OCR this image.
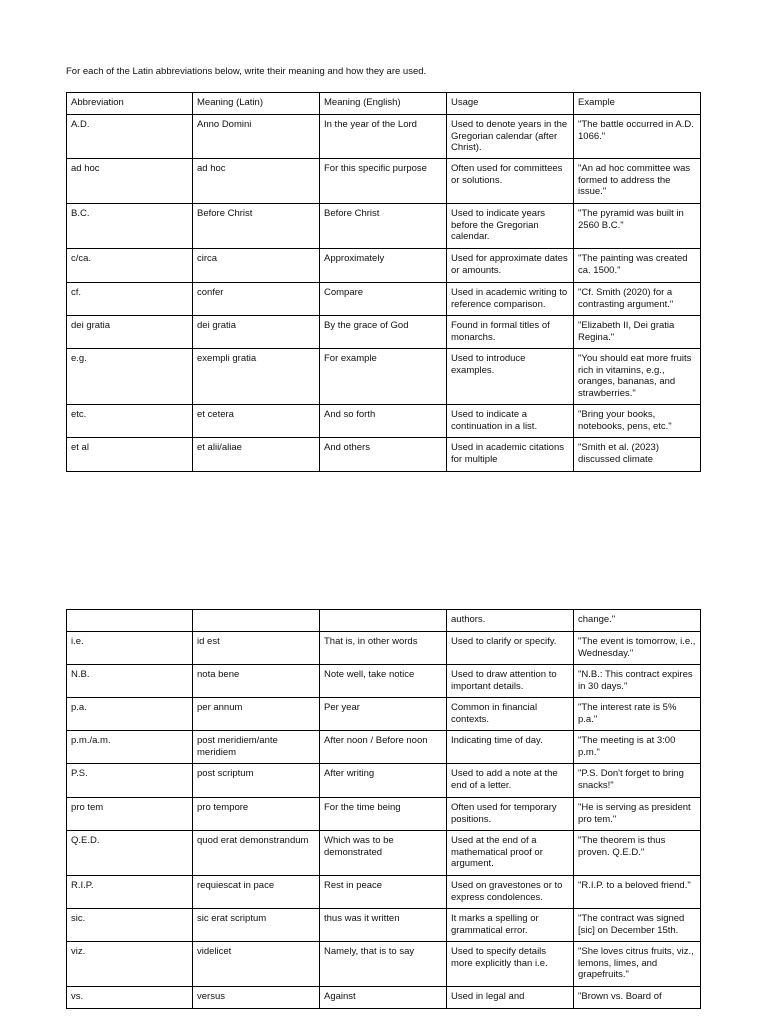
For each of the Latin abbreviations below, write their meaning and how they are used.

Abbreviation	Meaning (Latin)	Meaning (English)	Usage	Example
A.D.	Anno Domini	In the year of the Lord	Used to denote years in the Gregorian calendar (after Christ).	"The battle occurred in A.D. 1066."
ad hoc	ad hoc	For this specific purpose	Often used for committees or solutions.	"An ad hoc committee was formed to address the issue."
B.C.	Before Christ	Before Christ	Used to indicate years before the Gregorian calendar.	"The pyramid was built in 2560 B.C."
c/ca.	circa	Approximately	Used for approximate dates or amounts.	"The painting was created ca. 1500."
cf.	confer	Compare	Used in academic writing to reference comparison.	"Cf. Smith (2020) for a contrasting argument."
dei gratia	dei gratia	By the grace of God	Found in formal titles of monarchs.	"Elizabeth II, Dei gratia Regina."
e.g.	exempli gratia	For example	Used to introduce examples.	"You should eat more fruits rich in vitamins, e.g., oranges, bananas, and strawberries."
etc.	et cetera	And so forth	Used to indicate a continuation in a list.	"Bring your books, notebooks, pens, etc."
et al	et alii/aliae	And others	Used in academic citations for multiple	"Smith et al. (2023) discussed climate
			authors.	change."
i.e.	id est	That is, in other words	Used to clarify or specify.	"The event is tomorrow, i.e., Wednesday."
N.B.	nota bene	Note well, take notice	Used to draw attention to important details.	"N.B.: This contract expires in 30 days."
p.a.	per annum	Per year	Common in financial contexts.	"The interest rate is 5% p.a."
p.m./a.m.	post meridiem/ante meridiem	After noon / Before noon	Indicating time of day.	"The meeting is at 3:00 p.m."
P.S.	post scriptum	After writing	Used to add a note at the end of a letter.	"P.S. Don't forget to bring snacks!"
pro tem	pro tempore	For the time being	Often used for temporary positions.	"He is serving as president pro tem."
Q.E.D.	quod erat demonstrandum	Which was to be demonstrated	Used at the end of a mathematical proof or argument.	"The theorem is thus proven. Q.E.D."
R.I.P.	requiescat in pace	Rest in peace	Used on gravestones or to express condolences.	"R.I.P. to a beloved friend."
sic.	sic erat scriptum	thus was it written	It marks a spelling or grammatical error.	"The contract was signed [sic] on December 15th.
viz.	videlicet	Namely, that is to say	Used to specify details more explicitly than i.e.	"She loves citrus fruits, viz., lemons, limes, and grapefruits."
vs.	versus	Against	Used in legal and	"Brown vs. Board of
